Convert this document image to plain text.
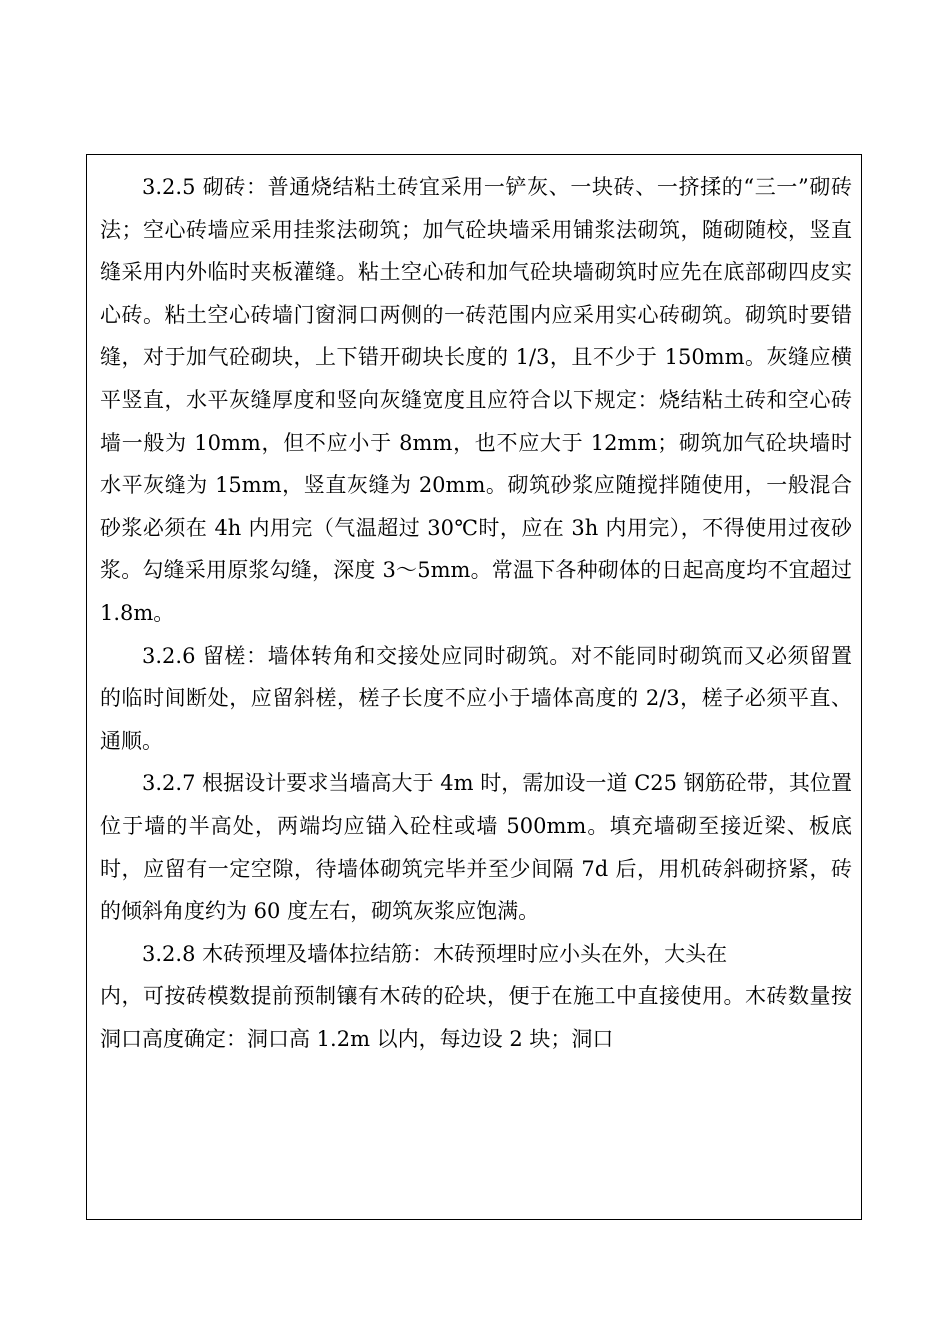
3.2.5 砌砖：普通烧结粘土砖宜采用一铲灰、一块砖、一挤揉的“三一”砌砖法；空心砖墙应采用挂浆法砌筑；加气砼块墙采用铺浆法砌筑，随砌随校，竖直缝采用内外临时夹板灌缝。粘土空心砖和加气砼块墙砌筑时应先在底部砌四皮实心砖。粘土空心砖墙门窗洞口两侧的一砖范围内应采用实心砖砌筑。砌筑时要错缝，对于加气砼砌块，上下错开砌块长度的 1/3，且不少于 150mm。灰缝应横平竖直，水平灰缝厚度和竖向灰缝宽度且应符合以下规定：烧结粘土砖和空心砖墙一般为 10mm，但不应小于 8mm，也不应大于 12mm；砌筑加气砼块墙时水平灰缝为 15mm，竖直灰缝为 20mm。砌筑砂浆应随搅拌随使用，一般混合砂浆必须在 4h 内用完（气温超过 30℃时，应在 3h 内用完），不得使用过夜砂浆。勾缝采用原浆勾缝，深度 3～5mm。常温下各种砌体的日起高度均不宜超过 1.8m。

3.2.6 留槎：墙体转角和交接处应同时砌筑。对不能同时砌筑而又必须留置的临时间断处，应留斜槎，槎子长度不应小于墙体高度的 2/3，槎子必须平直、通顺。

3.2.7 根据设计要求当墙高大于 4m 时，需加设一道 C25 钢筋砼带，其位置位于墙的半高处，两端均应锚入砼柱或墙 500mm。填充墙砌至接近梁、板底时，应留有一定空隙，待墙体砌筑完毕并至少间隔 7d 后，用机砖斜砌挤紧，砖的倾斜角度约为 60 度左右，砌筑灰浆应饱满。

3.2.8 木砖预埋及墙体拉结筋：木砖预埋时应小头在外，大头在

内，可按砖模数提前预制镶有木砖的砼块，便于在施工中直接使用。木砖数量按洞口高度确定：洞口高 1.2m 以内，每边设 2 块；洞口
